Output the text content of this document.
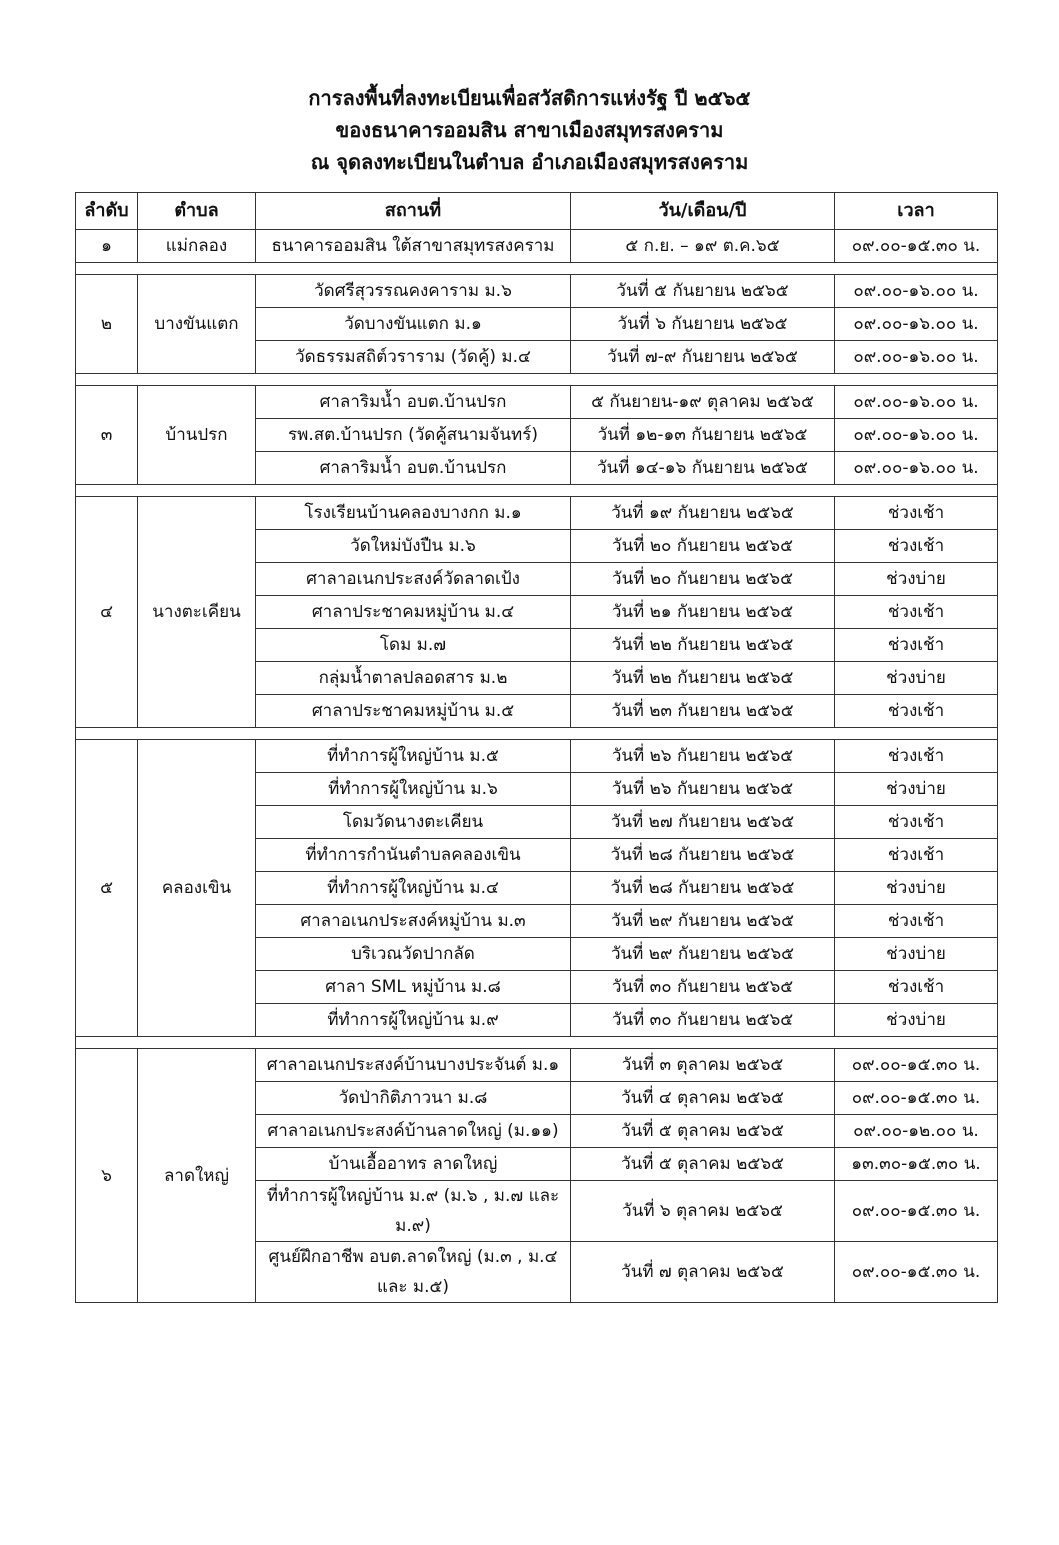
การลงพื้นที่ลงทะเบียนเพื่อสวัสดิการแห่งรัฐ ปี ๒๕๖๕
ของธนาคารออมสิน สาขาเมืองสมุทรสงคราม
ณ จุดลงทะเบียนในตำบล อำเภอเมืองสมุทรสงคราม
ลำดับ	ตำบล	สถานที่	วัน/เดือน/ปี	เวลา
๑	แม่กลอง	ธนาคารออมสิน ใต้สาขาสมุทรสงคราม	๕ ก.ย. – ๑๙ ต.ค.๖๕	๐๙.๐๐-๑๕.๓๐ น.

๒	บางขันแตก	วัดศรีสุวรรณคงคาราม ม.๖	วันที่ ๕ กันยายน ๒๕๖๕	๐๙.๐๐-๑๖.๐๐ น.
		วัดบางขันแตก ม.๑	วันที่ ๖ กันยายน ๒๕๖๕	๐๙.๐๐-๑๖.๐๐ น.
		วัดธรรมสถิต์วราราม (วัดคู้) ม.๔	วันที่ ๗-๙ กันยายน ๒๕๖๕	๐๙.๐๐-๑๖.๐๐ น.

๓	บ้านปรก	ศาลาริมน้ำ อบต.บ้านปรก	๕ กันยายน-๑๙ ตุลาคม ๒๕๖๕	๐๙.๐๐-๑๖.๐๐ น.
		รพ.สต.บ้านปรก (วัดคู้สนามจันทร์)	วันที่ ๑๒-๑๓ กันยายน ๒๕๖๕	๐๙.๐๐-๑๖.๐๐ น.
		ศาลาริมน้ำ อบต.บ้านปรก	วันที่ ๑๔-๑๖ กันยายน ๒๕๖๕	๐๙.๐๐-๑๖.๐๐ น.

๔	นางตะเคียน	โรงเรียนบ้านคลองบางกก ม.๑	วันที่ ๑๙ กันยายน ๒๕๖๕	ช่วงเช้า
		วัดใหม่บังปืน ม.๖	วันที่ ๒๐ กันยายน ๒๕๖๕	ช่วงเช้า
		ศาลาอเนกประสงค์วัดลาดเป้ง	วันที่ ๒๐ กันยายน ๒๕๖๕	ช่วงบ่าย
		ศาลาประชาคมหมู่บ้าน ม.๔	วันที่ ๒๑ กันยายน ๒๕๖๕	ช่วงเช้า
		โดม ม.๗	วันที่ ๒๒ กันยายน ๒๕๖๕	ช่วงเช้า
		กลุ่มน้ำตาลปลอดสาร ม.๒	วันที่ ๒๒ กันยายน ๒๕๖๕	ช่วงบ่าย
		ศาลาประชาคมหมู่บ้าน ม.๕	วันที่ ๒๓ กันยายน ๒๕๖๕	ช่วงเช้า

๕	คลองเขิน	ที่ทำการผู้ใหญ่บ้าน ม.๕	วันที่ ๒๖ กันยายน ๒๕๖๕	ช่วงเช้า
		ที่ทำการผู้ใหญ่บ้าน ม.๖	วันที่ ๒๖ กันยายน ๒๕๖๕	ช่วงบ่าย
		โดมวัดนางตะเคียน	วันที่ ๒๗ กันยายน ๒๕๖๕	ช่วงเช้า
		ที่ทำการกำนันตำบลคลองเขิน	วันที่ ๒๘ กันยายน ๒๕๖๕	ช่วงเช้า
		ที่ทำการผู้ใหญ่บ้าน ม.๔	วันที่ ๒๘ กันยายน ๒๕๖๕	ช่วงบ่าย
		ศาลาอเนกประสงค์หมู่บ้าน ม.๓	วันที่ ๒๙ กันยายน ๒๕๖๕	ช่วงเช้า
		บริเวณวัดปากลัด	วันที่ ๒๙ กันยายน ๒๕๖๕	ช่วงบ่าย
		ศาลา SML หมู่บ้าน ม.๘	วันที่ ๓๐ กันยายน ๒๕๖๕	ช่วงเช้า
		ที่ทำการผู้ใหญ่บ้าน ม.๙	วันที่ ๓๐ กันยายน ๒๕๖๕	ช่วงบ่าย

๖	ลาดใหญ่	ศาลาอเนกประสงค์บ้านบางประจันต์ ม.๑	วันที่ ๓ ตุลาคม ๒๕๖๕	๐๙.๐๐-๑๕.๓๐ น.
		วัดป่ากิติภาวนา ม.๘	วันที่ ๔ ตุลาคม ๒๕๖๕	๐๙.๐๐-๑๕.๓๐ น.
		ศาลาอเนกประสงค์บ้านลาดใหญ่ (ม.๑๑)	วันที่ ๕ ตุลาคม ๒๕๖๕	๐๙.๐๐-๑๒.๐๐ น.
		บ้านเอื้ออาทร ลาดใหญ่	วันที่ ๕ ตุลาคม ๒๕๖๕	๑๓.๓๐-๑๕.๓๐ น.
		ที่ทำการผู้ใหญ่บ้าน ม.๙ (ม.๖ , ม.๗ และ ม.๙)	วันที่ ๖ ตุลาคม ๒๕๖๕	๐๙.๐๐-๑๕.๓๐ น.
		ศูนย์ฝึกอาชีพ อบต.ลาดใหญ่ (ม.๓ , ม.๔ และ ม.๕)	วันที่ ๗ ตุลาคม ๒๕๖๕	๐๙.๐๐-๑๕.๓๐ น.
